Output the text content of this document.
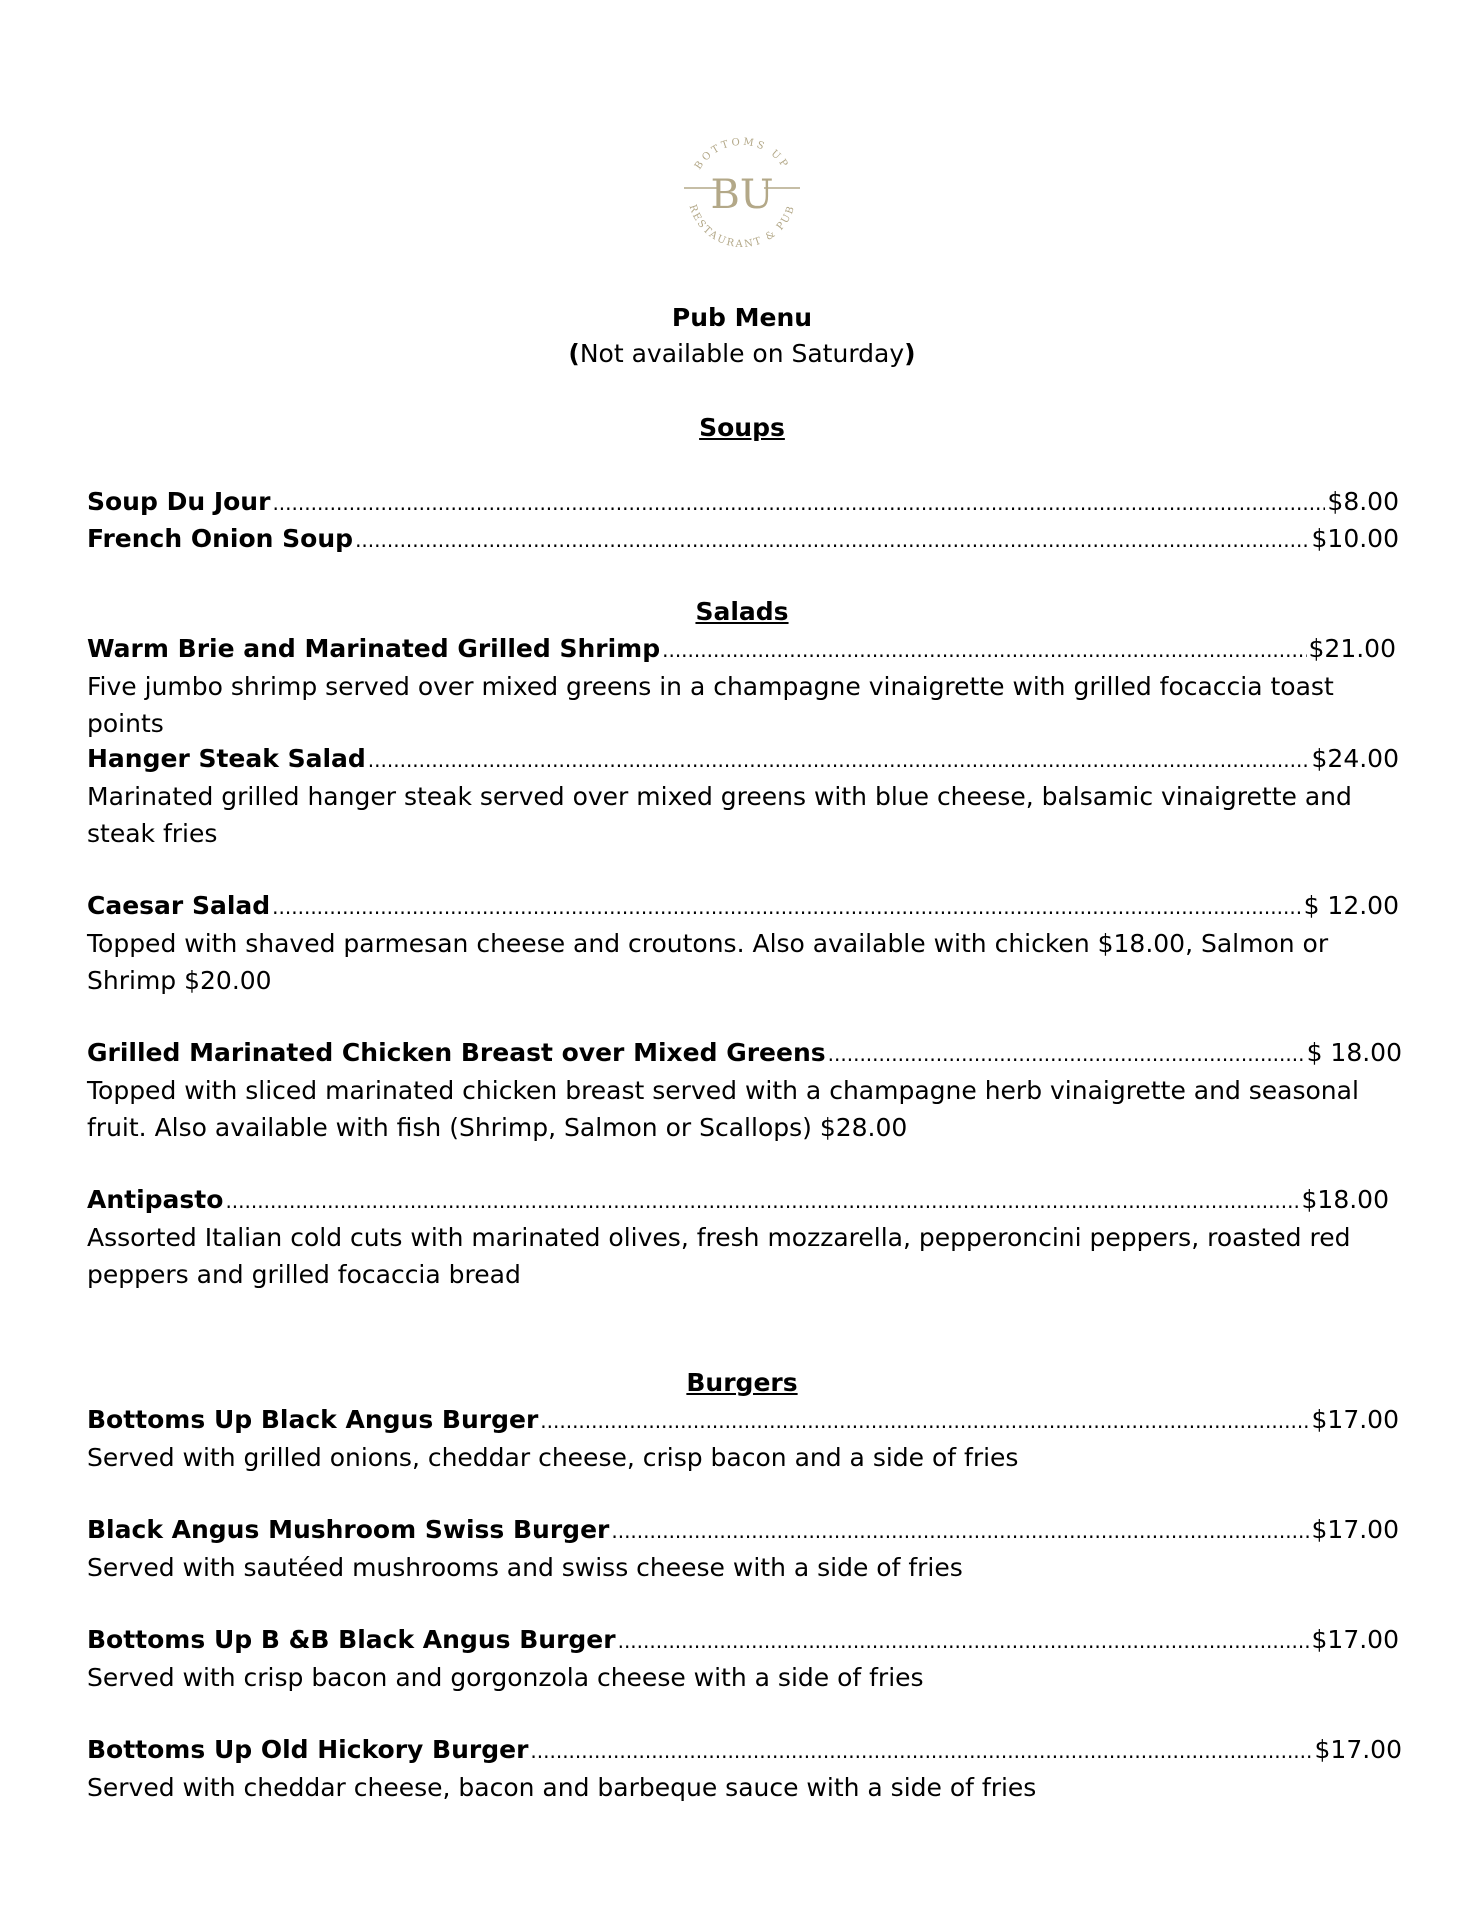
BOTTOMS UP
RESTAURANT & PUB
BU
Pub Menu
(Not available on Saturday)
Soups
Soup Du Jour .....	$8.00
French Onion Soup .....	$10.00
Salads
Warm Brie and Marinated Grilled Shrimp .....	$21.00
Five jumbo shrimp served over mixed greens in a champagne vinaigrette with grilled focaccia toast points
Hanger Steak Salad .....	$24.00
Marinated grilled hanger steak served over mixed greens with blue cheese, balsamic vinaigrette and steak fries
Caesar Salad .....	$ 12.00
Topped with shaved parmesan cheese and croutons. Also available with chicken $18.00, Salmon or Shrimp $20.00
Grilled Marinated Chicken Breast over Mixed Greens .....	$ 18.00
Topped with sliced marinated chicken breast served with a champagne herb vinaigrette and seasonal fruit. Also available with fish (Shrimp, Salmon or Scallops) $28.00
Antipasto .....	$18.00
Assorted Italian cold cuts with marinated olives, fresh mozzarella, pepperoncini peppers, roasted red peppers and grilled focaccia bread
Burgers
Bottoms Up Black Angus Burger .....	$17.00
Served with grilled onions, cheddar cheese, crisp bacon and a side of fries
Black Angus Mushroom Swiss Burger .....	$17.00
Served with sautéed mushrooms and swiss cheese with a side of fries
Bottoms Up B &B Black Angus Burger .....	$17.00
Served with crisp bacon and gorgonzola cheese with a side of fries
Bottoms Up Old Hickory Burger .....	$17.00
Served with cheddar cheese, bacon and barbeque sauce with a side of fries
